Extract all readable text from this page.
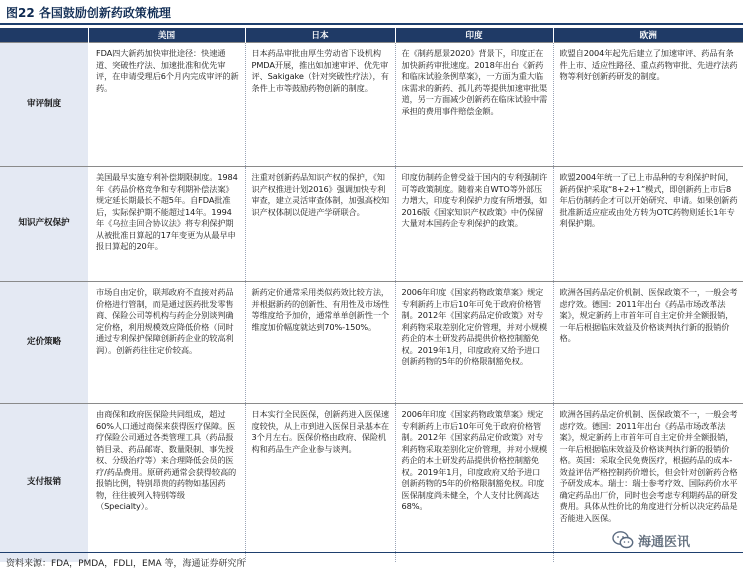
图22 各国鼓励创新药政策梳理
	美国	日本	印度	欧洲
审评制度	FDA四大新药加快审批途径：快速通道、突破性疗法、加速批准和优先审评，在申请受理后6个月内完成审评的新药。	日本药品审批由厚生劳动省下设机构PMDA开展，推出如加速审评、优先审评、Sakigake（针对突破性疗法），有条件上市等鼓励药物创新的制度。	在《制药愿景2020》背景下，印度正在加快新药审批速度。2018年出台《新药和临床试验条例草案》，一方面为重大临床需求的新药、孤儿药等提供加速审批渠道，另一方面减少创新药在临床试验中需承担的费用事件赔偿金额。	欧盟自2004年起先后建立了加速审评、药品有条件上市、适应性路径、重点药物审批、先进疗法药物等利好创新药研发的制度。
知识产权保护	美国最早实施专利补偿期限制度。1984年《药品价格竞争和专利期补偿法案》规定延长期最长不超5年。自FDA批准后，实际保护期不能超过14年。1994年《乌拉圭回合协议法》将专利保护期从被批准日算起的17年变更为从最早申报日算起的20年。	注重对创新药品知识产权的保护，《知识产权推进计划2016》强调加快专利审查，建立灵活审查体制，加强高校知识产权体制以促进产学研联合。	印度仿制药企曾受益于国内的专利强制许可等政策制度。随着来自WTO等外部压力增大，印度专利保护力度有所增强，如2016版《国家知识产权政策》中仍保留大量对本国药企专利保护的政策。	欧盟2004年统一了已上市品种的专利保护时间，新药保护采取“8+2+1”模式，即创新药上市后8年后仿制药企才可以开始研究、申请。如果创新药批准新适应症或由处方转为OTC药物则延长1年专利保护期。
定价策略	市场自由定价，联邦政府不直接对药品价格进行管制，而是通过医药批发零售商、保险公司等机构与药企分别谈判确定价格，利用规模效应降低价格（同时通过专利保护保障创新药企业的较高利润）。创新药往往定价较高。	新药定价通常采用类似药效比较方法，并根据新药的创新性、有用性及市场性等维度给予加价，通常单单创新性一个维度加价幅度就达到70%-150%。	2006年印度《国家药物政策草案》规定专利新药上市后10年可免于政府价格管制。2012年《国家药品定价政策》对专利药物采取差别化定价管理，并对小规模药企的本土研发药品提供价格控制豁免权。2019年1月，印度政府又给予进口创新药物的5年的价格限制豁免权。	欧洲各国药品定价机制、医保政策不一，一般会考虑疗效。德国：2011年出台《药品市场改革法案》，规定新药上市首年可自主定价并全额报销，一年后根据临床效益及价格谈判执行新的报销价格。
支付报销	由商保和政府医保险共同组成，超过60%人口通过商保来获得医疗保障。医疗保险公司通过各类管理工具（药品报销目录、药品邮寄、数量限制、事先授权、分级治疗等）来合理降低会员的医疗/药品费用。原研药通常会获得较高的报销比例，特别昂贵的药物如基因药物，往往被列入特别等级（Specialty）。	日本实行全民医保，创新药进入医保速度较快，从上市到进入医保目录基本在3个月左右。医保价格由政府、保险机构和药品生产企业参与谈判。	2006年印度《国家药物政策草案》规定专利新药上市后10年可免于政府价格管制。2012年《国家药品定价政策》对专利药物采取差别化定价管理，并对小规模药企的本土研发药品提供价格控制豁免权。2019年1月，印度政府又给予进口创新药物的5年的价格限制豁免权。印度医保制度尚未健全，个人支付比例高达68%。	欧洲各国药品定价机制、医保政策不一，一般会考虑疗效。德国：2011年出台《药品市场改革法案》，规定新药上市首年可自主定价并全额报销，一年后根据临床效益及价格谈判执行新的报销价格。英国：采取全民免费医疗，根据药品的成本-效益评估严格控制药价增长，但会针对创新药合格予研发成本。瑞士：瑞士参考疗效、国际药价水平确定药品出厂价，同时也会考虑专利期药品的研发费用。具体从性价比的角度进行分析以决定药品是否能进入医保。
资料来源：FDA，PMDA，FDLI，EMA 等，海通证券研究所
海通医讯
